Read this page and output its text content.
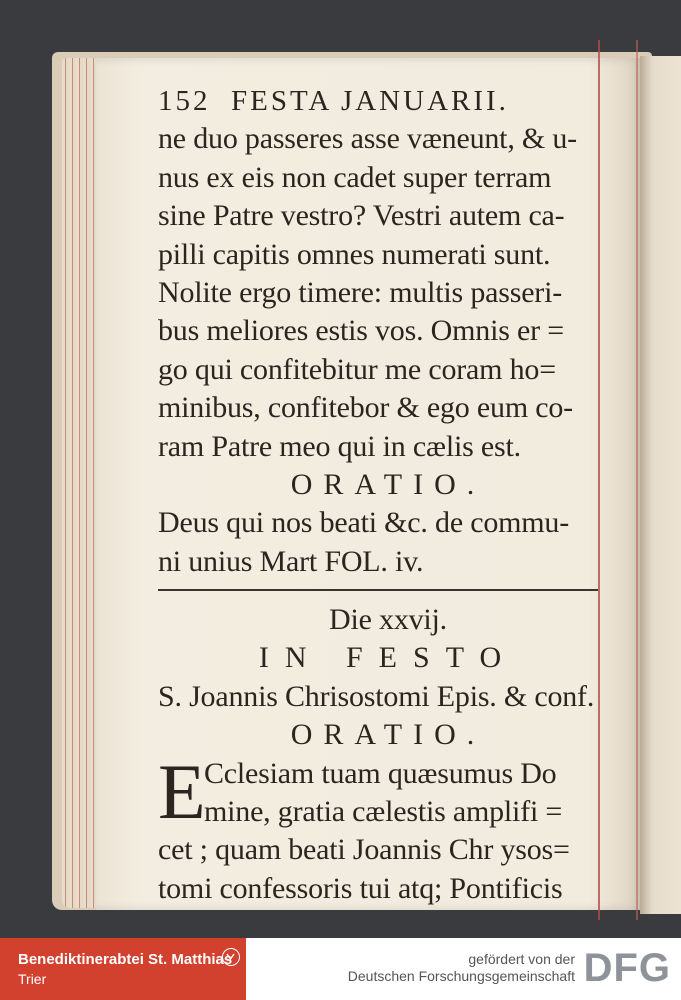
152 FESTA JANUARII.
ne duo passeres asse væneunt, & u-
nus ex eis non cadet super terram
sine Patre vestro? Vestri autem ca-
pilli capitis omnes numerati sunt.
Nolite ergo timere: multis passeri-
bus meliores estis vos. Omnis er =
go qui confitebitur me coram ho=
minibus, confitebor & ego eum co-
ram Patre meo qui in cælis est.
ORATIO.
Deus qui nos beati &c. de commu-
ni unius Mart FOL. iv.
Die xxvij.
IN FESTO
S. Joannis Chrisostomi Epis. & conf.
ORATIO.
E
Cclesiam tuam quæsumus Do
mine, gratia cælestis amplifi =
cet ; quam beati Joannis Chr ysos=
tomi confessoris tui atq; Pontificis
Benediktinerabtei St. Matthias
Trier
gefördert von der
Deutschen Forschungsgemeinschaft DFG
